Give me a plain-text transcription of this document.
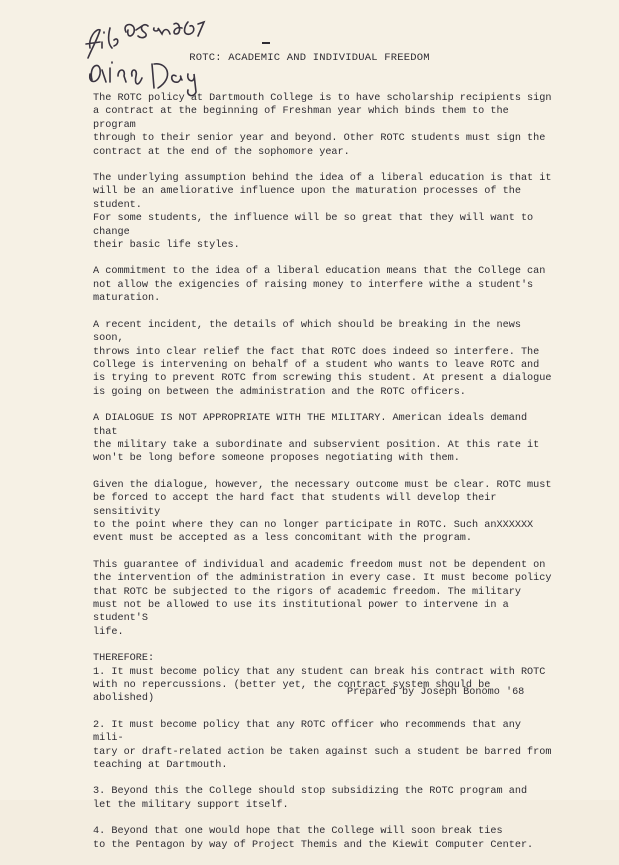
ROTC: ACADEMIC AND INDIVIDUAL FREEDOM

The ROTC policy at Dartmouth College is to have scholarship recipients sign
a contract at the beginning of Freshman year which binds them to the program
through to their senior year and beyond. Other ROTC students must sign the
contract at the end of the sophomore year.

The underlying assumption behind the idea of a liberal education is that it
will be an ameliorative influence upon the maturation processes of the student.
For some students, the influence will be so great that they will want to change
their basic life styles.

A commitment to the idea of a liberal education means that the College can
not allow the exigencies of raising money to interfere withe a student's
maturation.

A recent incident, the details of which should be breaking in the news soon,
throws into clear relief the fact that ROTC does indeed so interfere. The
College is intervening on behalf of a student who wants to leave ROTC and
is trying to prevent ROTC from screwing this student. At present a dialogue
is going on between the administration and the ROTC officers.

A DIALOGUE IS NOT APPROPRIATE WITH THE MILITARY. American ideals demand that
the military take a subordinate and subservient position. At this rate it
won't be long before someone proposes negotiating with them.

Given the dialogue, however, the necessary outcome must be clear. ROTC must
be forced to accept the hard fact that students will develop their sensitivity
to the point where they can no longer participate in ROTC. Such anXXXXXX
event must be accepted as a less concomitant with the program.

This guarantee of individual and academic freedom must not be dependent on
the intervention of the administration in every case. It must become policy
that ROTC be subjected to the rigors of academic freedom. The military
must not be allowed to use its institutional power to intervene in a student'S
life.

THEREFORE:

1. It must become policy that any student can break his contract with ROTC
with no repercussions. (better yet, the contract system should be abolished)

2. It must become policy that any ROTC officer who recommends that any mili-
tary or draft-related action be taken against such a student be barred from
teaching at Dartmouth.

3. Beyond this the College should stop subsidizing the ROTC program and
let the military support itself.

4. Beyond that one would hope that the College will soon break ties
to the Pentagon by way of Project Themis and the Kiewit Computer Center.

Prepared by Joseph Bonomo '68
